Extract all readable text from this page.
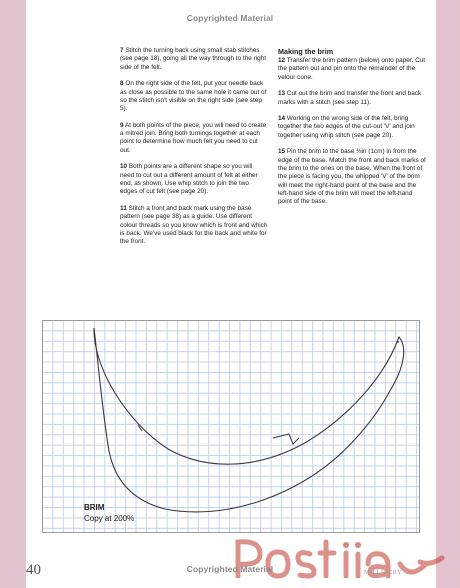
Copyrighted Material

7 Stitch the turning back using small stab stitches (see page 18), going all the way through to the right side of the felt.

8 On the right side of the felt, put your needle back as close as possible to the same hole it came out of so the stitch isn't visible on the right side (see step 5).

9 At both points of the piece, you will need to create a mitred join. Bring both turnings together at each point to determine how much felt you need to cut out.

10 Both points are a different shape so you will need to cut out a different amount of felt at either end, as shown. Use whip stitch to join the two edges of cut felt (see page 20).

11 Stitch a front and back mark using the base pattern (see page 38) as a guide. Use different colour threads so you know which is front and which is back. We've used black for the back and white for the front.

Making the brim

12 Transfer the brim pattern (below) onto paper. Cut the pattern out and pin onto the remainder of the velour cone.

13 Cut out the brim and transfer the front and back marks with a stitch (see step 11).

14 Working on the wrong side of the felt, bring together the two edges of the cut-out 'V' and join together using whip stitch (see page 20).

15 Pin the brim to the base ⅜in (1cm) in from the edge of the base. Match the front and back marks of the brim to the ones on the base. When the front of the piece is facing you, the whipped 'V' of the brim will meet the right-hand point of the base and the left-hand side of the brim will meet the left-hand point of the base.

BRIM
Copy at 200%
Copyrighted Material
40	MILLINERY
